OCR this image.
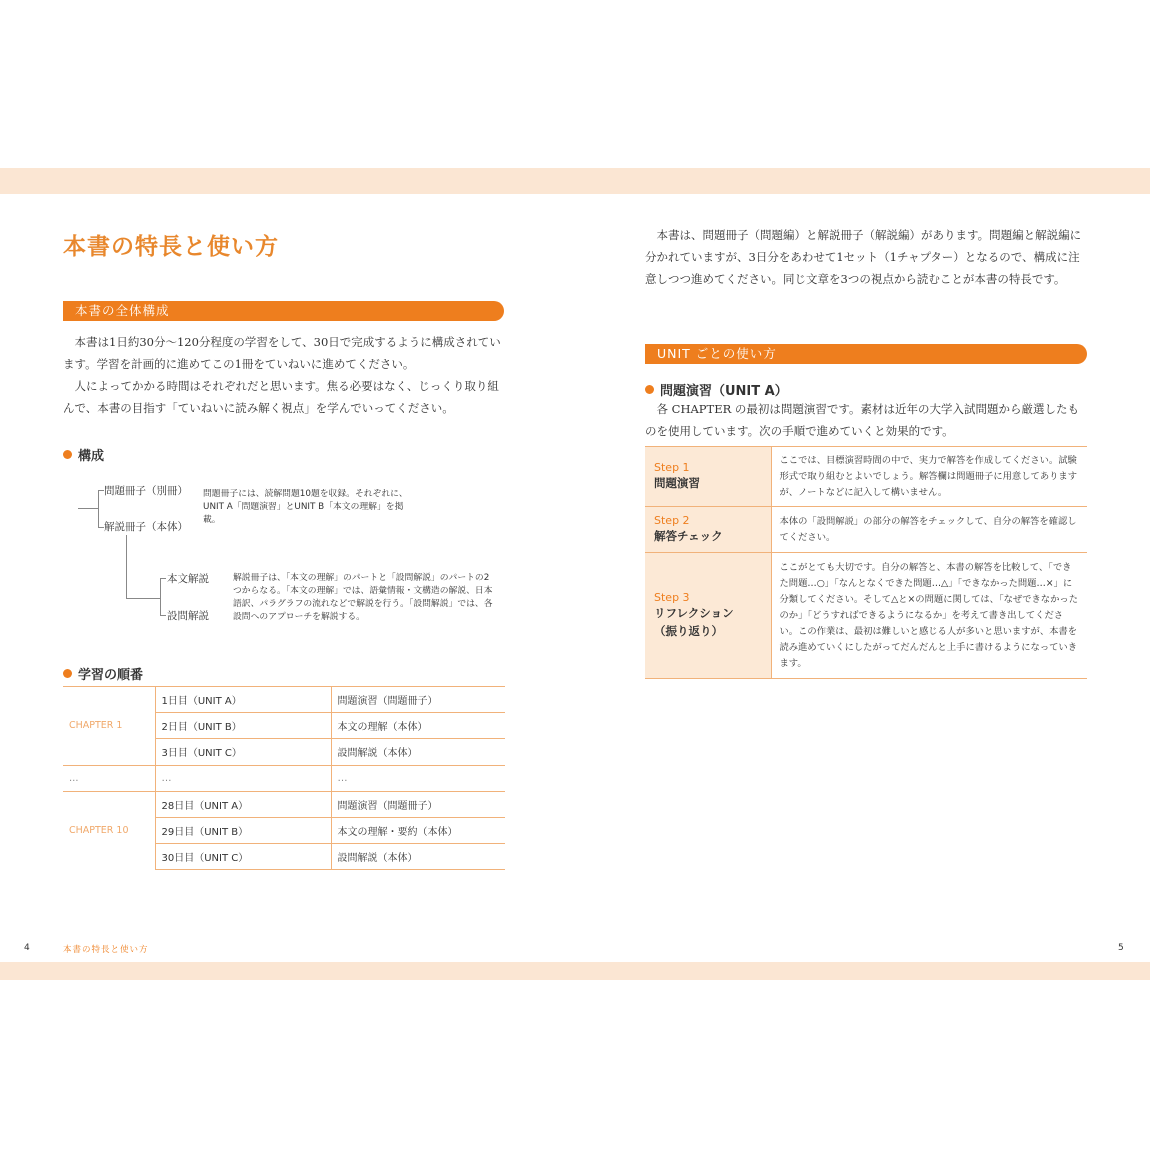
本書の特長と使い方
本書の全体構成

本書は1日約30分～120分程度の学習をして、30日で完成するように構成されています。学習を計画的に進めてこの1冊をていねいに進めてください。

人によってかかる時間はそれぞれだと思います。焦る必要はなく、じっくり取り組んで、本書の目指す「ていねいに読み解く視点」を学んでいってください。

構成
問題冊子（別冊）
解説冊子（本体）
問題冊子には、読解問題10題を収録。それぞれに、UNIT A「問題演習」とUNIT B「本文の理解」を掲載。
本文解説
設問解説
解説冊子は、「本文の理解」のパートと「設問解説」のパートの2つからなる。「本文の理解」では、語彙情報・文構造の解説、日本語訳、パラグラフの流れなどで解説を行う。「設問解説」では、各設問へのアプローチを解説する。
学習の順番
CHAPTER 1	1日目（UNIT A）	問題演習（問題冊子）
	2日目（UNIT B）	本文の理解（本体）
	3日目（UNIT C）	設問解説（本体）
…	…	…
CHAPTER 10	28日目（UNIT A）	問題演習（問題冊子）
	29日目（UNIT B）	本文の理解・要約（本体）
	30日目（UNIT C）	設問解説（本体）
4	本書の特長と使い方

本書は、問題冊子（問題編）と解説冊子（解説編）があります。問題編と解説編に分かれていますが、3日分をあわせて1セット（1チャプター）となるので、構成に注意しつつ進めてください。同じ文章を3つの視点から読むことが本書の特長です。

UNIT ごとの使い方
問題演習（UNIT A）

各 CHAPTER の最初は問題演習です。素材は近年の大学入試問題から厳選したものを使用しています。次の手順で進めていくと効果的です。

Step 1
問題演習	ここでは、目標演習時間の中で、実力で解答を作成してください。試験形式で取り組むとよいでしょう。解答欄は問題冊子に用意してありますが、ノートなどに記入して構いません。

Step 2
解答チェック	本体の「設問解説」の部分の解答をチェックして、自分の解答を確認してください。

Step 3
リフレクション（振り返り）	ここがとても大切です。自分の解答と、本書の解答を比較して、「できた問題…○」「なんとなくできた問題…△」「できなかった問題…×」に分類してください。そして△と×の問題に関しては、「なぜできなかったのか」「どうすればできるようになるか」を考えて書き出してください。この作業は、最初は難しいと感じる人が多いと思いますが、本書を読み進めていくにしたがってだんだんと上手に書けるようになっていきます。
5
